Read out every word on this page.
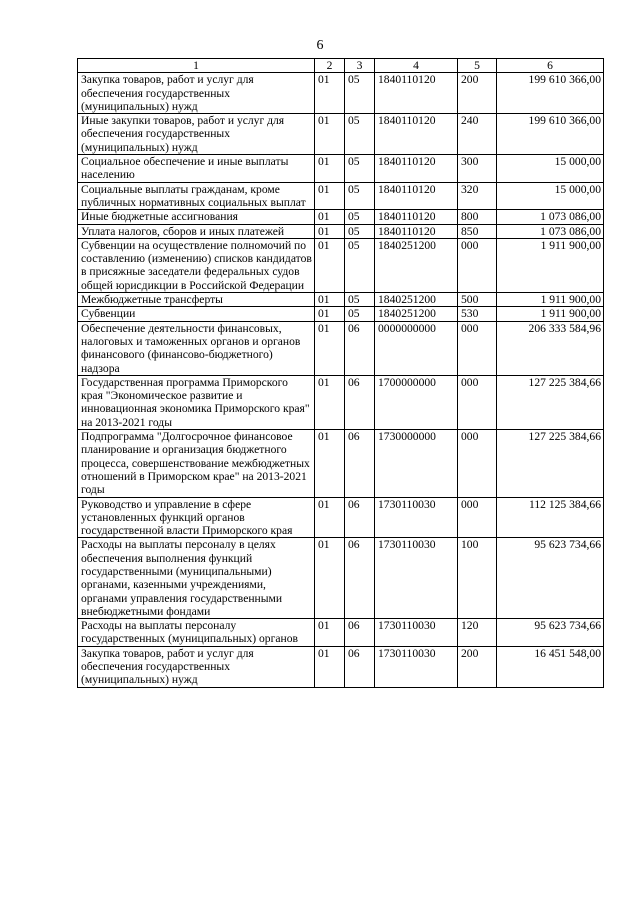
6
1	2	3	4	5	6
Закупка товаров, работ и услуг для обеспечения государственных (муниципальных) нужд	01	05	1840110120	200	199 610 366,00
Иные закупки товаров, работ и услуг для обеспечения государственных (муниципальных) нужд	01	05	1840110120	240	199 610 366,00
Социальное обеспечение и иные выплаты населению	01	05	1840110120	300	15 000,00
Социальные выплаты гражданам, кроме публичных нормативных социальных выплат	01	05	1840110120	320	15 000,00
Иные бюджетные ассигнования	01	05	1840110120	800	1 073 086,00
Уплата налогов, сборов и иных платежей	01	05	1840110120	850	1 073 086,00
Субвенции на осуществление полномочий по составлению (изменению) списков кандидатов в присяжные заседатели федеральных судов общей юрисдикции в Российской Федерации	01	05	1840251200	000	1 911 900,00
Межбюджетные трансферты	01	05	1840251200	500	1 911 900,00
Субвенции	01	05	1840251200	530	1 911 900,00
Обеспечение деятельности финансовых, налоговых и таможенных органов и органов финансового (финансово-бюджетного) надзора	01	06	0000000000	000	206 333 584,96
Государственная программа Приморского края "Экономическое развитие и инновационная экономика Приморского края" на 2013-2021 годы	01	06	1700000000	000	127 225 384,66
Подпрограмма "Долгосрочное финансовое планирование и организация бюджетного процесса, совершенствование межбюджетных отношений в Приморском крае" на 2013-2021 годы	01	06	1730000000	000	127 225 384,66
Руководство и управление в сфере установленных функций органов государственной власти Приморского края	01	06	1730110030	000	112 125 384,66
Расходы на выплаты персоналу в целях обеспечения выполнения функций государственными (муниципальными) органами, казенными учреждениями, органами управления государственными внебюджетными фондами	01	06	1730110030	100	95 623 734,66
Расходы на выплаты персоналу государственных (муниципальных) органов	01	06	1730110030	120	95 623 734,66
Закупка товаров, работ и услуг для обеспечения государственных (муниципальных) нужд	01	06	1730110030	200	16 451 548,00
